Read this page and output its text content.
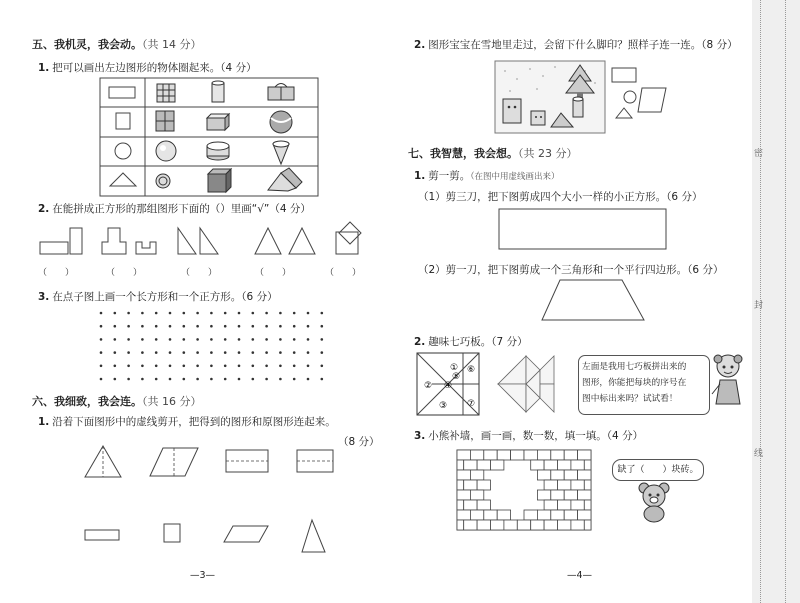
五、我机灵，我会动。（共 14 分）
1. 把可以画出左边图形的物体圈起来。（4 分）
2. 在能拼成正方形的那组图形下面的（）里画“√”（4 分）
（　　）	（　　）	（　　）	（　　）	（　　）
3. 在点子图上画一个长方形和一个正方形。（6 分）
六、我细致，我会连。（共 16 分）
1. 沿着下面图形中的虚线剪开，把得到的图形和原图形连起来。
（8 分）
—3—
2. 图形宝宝在雪地里走过，会留下什么脚印？照样子连一连。（8 分）
七、我智慧，我会想。（共 23 分）
1. 剪一剪。（在图中用虚线画出来）
（1）剪三刀，把下图剪成四个大小一样的小正方形。（6 分）
（2）剪一刀，把下图剪成一个三角形和一个平行四边形。（6 分）
2. 趣味七巧板。（7 分）
①
②
③
④
⑤
⑥
⑦
左面是我用七巧板拼出来的
图形，你能把每块的序号在
图中标出来吗？试试看！
3. 小熊补墙，画一画，数一数，填一填。（4 分）
缺了（　　）块砖。
—4—
密
封
线
